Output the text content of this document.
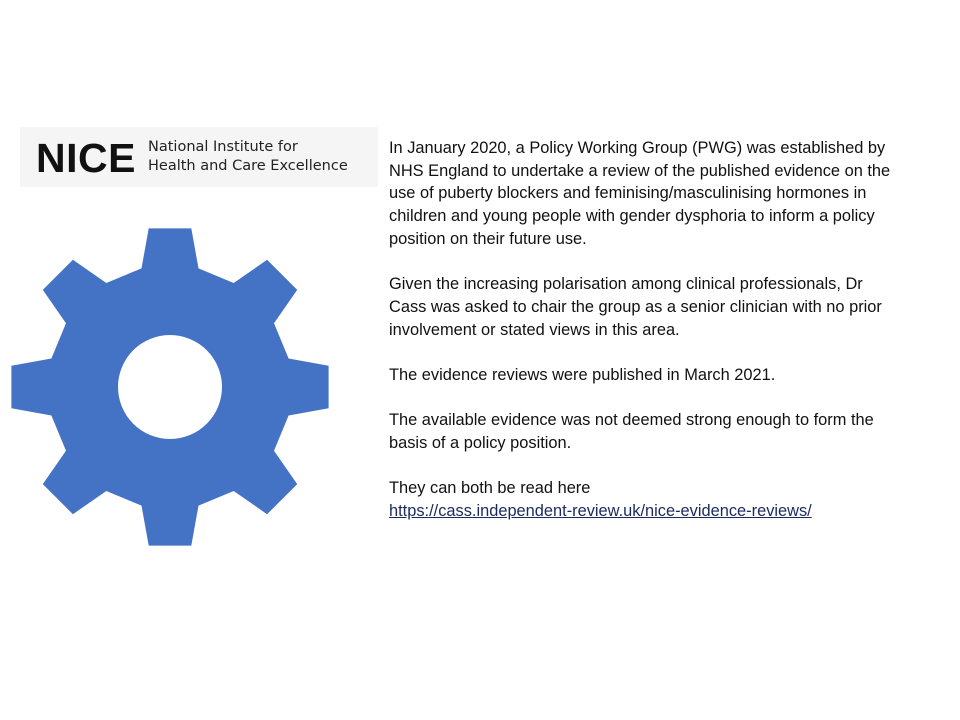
NICE National Institute for
Health and Care Excellence

In January 2020, a Policy Working Group (PWG) was established by NHS England to undertake a review of the published evidence on the use of puberty blockers and feminising/masculinising hormones in children and young people with gender dysphoria to inform a policy position on their future use.

Given the increasing polarisation among clinical professionals, Dr Cass was asked to chair the group as a senior clinician with no prior involvement or stated views in this area.

The evidence reviews were published in March 2021.

The available evidence was not deemed strong enough to form the basis of a policy position.

They can both be read here
https://cass.independent-review.uk/nice-evidence-reviews/
